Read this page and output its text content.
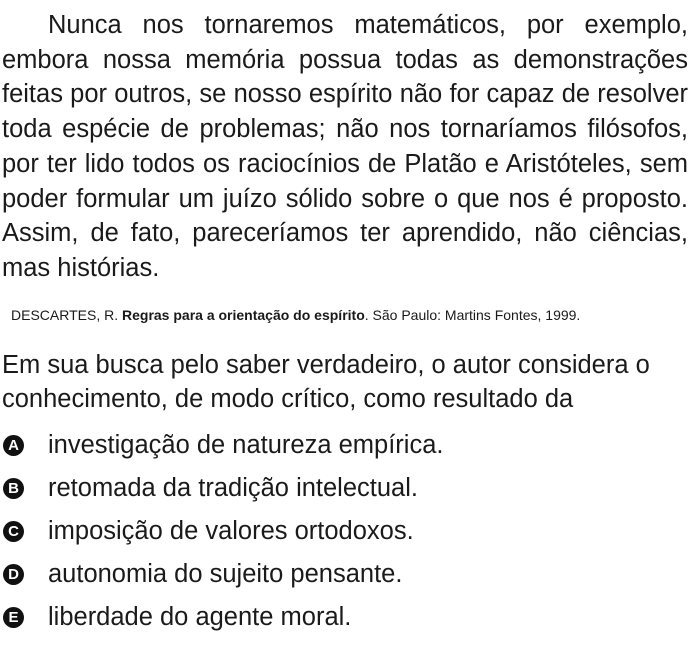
Nunca nos tornaremos matemáticos, por exemplo, embora nossa memória possua todas as demonstrações feitas por outros, se nosso espírito não for capaz de resolver toda espécie de problemas; não nos tornaríamos filósofos, por ter lido todos os raciocínios de Platão e Aristóteles, sem poder formular um juízo sólido sobre o que nos é proposto. Assim, de fato, pareceríamos ter aprendido, não ciências, mas histórias.

DESCARTES, R. Regras para a orientação do espírito. São Paulo: Martins Fontes, 1999.

Em sua busca pelo saber verdadeiro, o autor considera o conhecimento, de modo crítico, como resultado da

A investigação de natureza empírica.
B retomada da tradição intelectual.
C imposição de valores ortodoxos.
D autonomia do sujeito pensante.
E liberdade do agente moral.
